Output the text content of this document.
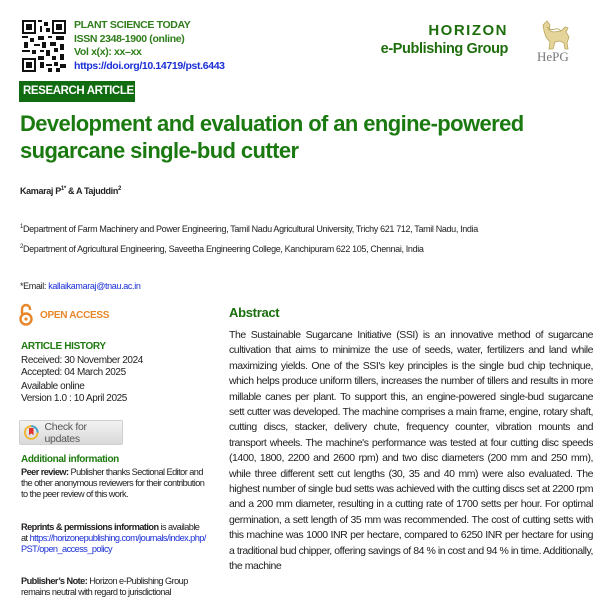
PLANT SCIENCE TODAY
ISSN 2348-1900 (online)
Vol x(x): xx–xx
https://doi.org/10.14719/pst.6443
HORIZON
e-Publishing Group HePG
RESEARCH ARTICLE
Development and evaluation of an engine-powered sugarcane single-bud cutter
Kamaraj $P^{1*}$ & A Tajuddin$^2$
$^1$Department of Farm Machinery and Power Engineering, Tamil Nadu Agricultural University, Trichy 621 712, Tamil Nadu, India
$^2$Department of Agricultural Engineering, Saveetha Engineering College, Kanchipuram 622 105, Chennai, India
*Email: kallaikamaraj@tnau.ac.in
OPEN ACCESS
ARTICLE HISTORY
Received: 30 November 2024
Accepted: 04 March 2025
Available online
Version 1.0 : 10 April 2025
Check for updates
Additional information
Peer review: Publisher thanks Sectional Editor and the other anonymous reviewers for their contribution to the peer review of this work.
Reprints & permissions information is available at https://horizonepublishing.com/journals/index.php/PST/open_access_policy
Publisher’s Note: Horizon e-Publishing Group remains neutral with regard to jurisdictional
Abstract

The Sustainable Sugarcane Initiative (SSI) is an innovative method of sugarcane cultivation that aims to minimize the use of seeds, water, fertilizers and land while maximizing yields. One of the SSI's key principles is the single bud chip technique, which helps produce uniform tillers, increases the number of tillers and results in more millable canes per plant. To support this, an engine-powered single-bud sugarcane sett cutter was developed. The machine comprises a main frame, engine, rotary shaft, cutting discs, stacker, delivery chute, frequency counter, vibration mounts and transport wheels. The machine's performance was tested at four cutting disc speeds (1400, 1800, 2200 and 2600 rpm) and two disc diameters (200 mm and 250 mm), while three different sett cut lengths (30, 35 and 40 mm) were also evaluated. The highest number of single bud setts was achieved with the cutting discs set at 2200 rpm and a 200 mm diameter, resulting in a cutting rate of 1700 setts per hour. For optimal germination, a sett length of 35 mm was recommended. The cost of cutting setts with this machine was 1000 INR per hectare, compared to 6250 INR per hectare for using a traditional bud chipper, offering savings of 84 % in cost and 94 % in time. Additionally, the machine
